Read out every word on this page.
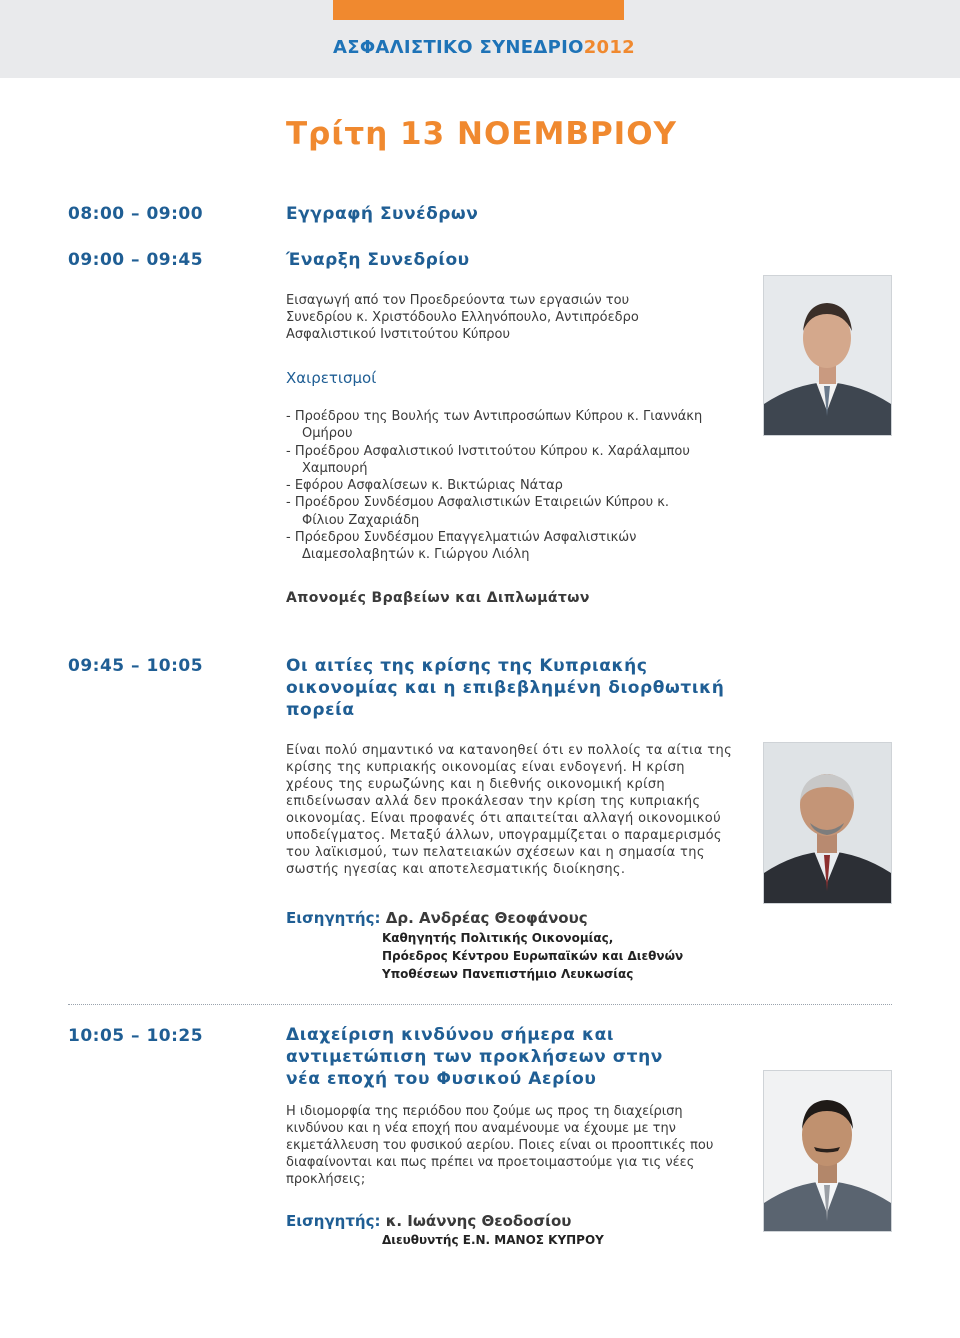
ΑΣΦΑΛΙΣΤΙΚΟ ΣΥΝΕΔΡΙΟ2012
Τρίτη 13 ΝΟΕΜΒΡΙΟΥ
08:00 – 09:00	Εγγραφή Συνέδρων
09:00 – 09:45	Έναρξη Συνεδρίου

Εισαγωγή από τον Προεδρεύοντα των εργασιών του Συνεδρίου κ. Χριστόδουλο Ελληνόπουλο, Αντιπρόεδρο Ασφαλιστικού Ινστιτούτου Κύπρου

Χαιρετισμοί
- Προέδρου της Βουλής των Αντιπροσώπων Κύπρου κ. Γιαννάκη Ομήρου
- Προέδρου Ασφαλιστικού Ινστιτούτου Κύπρου κ. Χαράλαμπου Χαμπουρή
- Εφόρου Ασφαλίσεων κ. Βικτώριας Νάταρ
- Προέδρου Συνδέσμου Ασφαλιστικών Εταιρειών Κύπρου κ. Φίλιου Ζαχαριάδη
- Πρόεδρου Συνδέσμου Επαγγελματιών Ασφαλιστικών Διαμεσολαβητών κ. Γιώργου Λιόλη
Απονομές Βραβείων και Διπλωμάτων
09:45 – 10:05	Οι αιτίες της κρίσης της Κυπριακής οικονομίας και η επιβεβλημένη διορθωτική πορεία

Είναι πολύ σημαντικό να κατανοηθεί ότι εν πολλοίς τα αίτια της κρίσης της κυπριακής οικονομίας είναι ενδογενή. Η κρίση χρέους της ευρωζώνης και η διεθνής οικονομική κρίση επιδείνωσαν αλλά δεν προκάλεσαν την κρίση της κυπριακής οικονομίας. Είναι προφανές ότι απαιτείται αλλαγή οικονομικού υποδείγματος. Μεταξύ άλλων, υπογραμμίζεται ο παραμερισμός του λαϊκισμού, των πελατειακών σχέσεων και η σημασία της σωστής ηγεσίας και αποτελεσματικής διοίκησης.

Εισηγητής: Δρ. Ανδρέας Θεοφάνους
Καθηγητής Πολιτικής Οικονομίας,
Πρόεδρος Κέντρου Ευρωπαϊκών και Διεθνών
Υποθέσεων Πανεπιστήμιο Λευκωσίας
10:05 – 10:25	Διαχείριση κινδύνου σήμερα και
αντιμετώπιση των προκλήσεων στην
νέα εποχή του Φυσικού Αερίου

Η ιδιομορφία της περιόδου που ζούμε ως προς τη διαχείριση κινδύνου και η νέα εποχή που αναμένουμε να έχουμε με την εκμετάλλευση του φυσικού αερίου. Ποιες είναι οι προοπτικές που διαφαίνονται και πως πρέπει να προετοιμαστούμε για τις νέες προκλήσεις;

Εισηγητής: κ. Ιωάννης Θεοδοσίου
Διευθυντής Ε.Ν. ΜΑΝΟΣ ΚΥΠΡΟΥ
